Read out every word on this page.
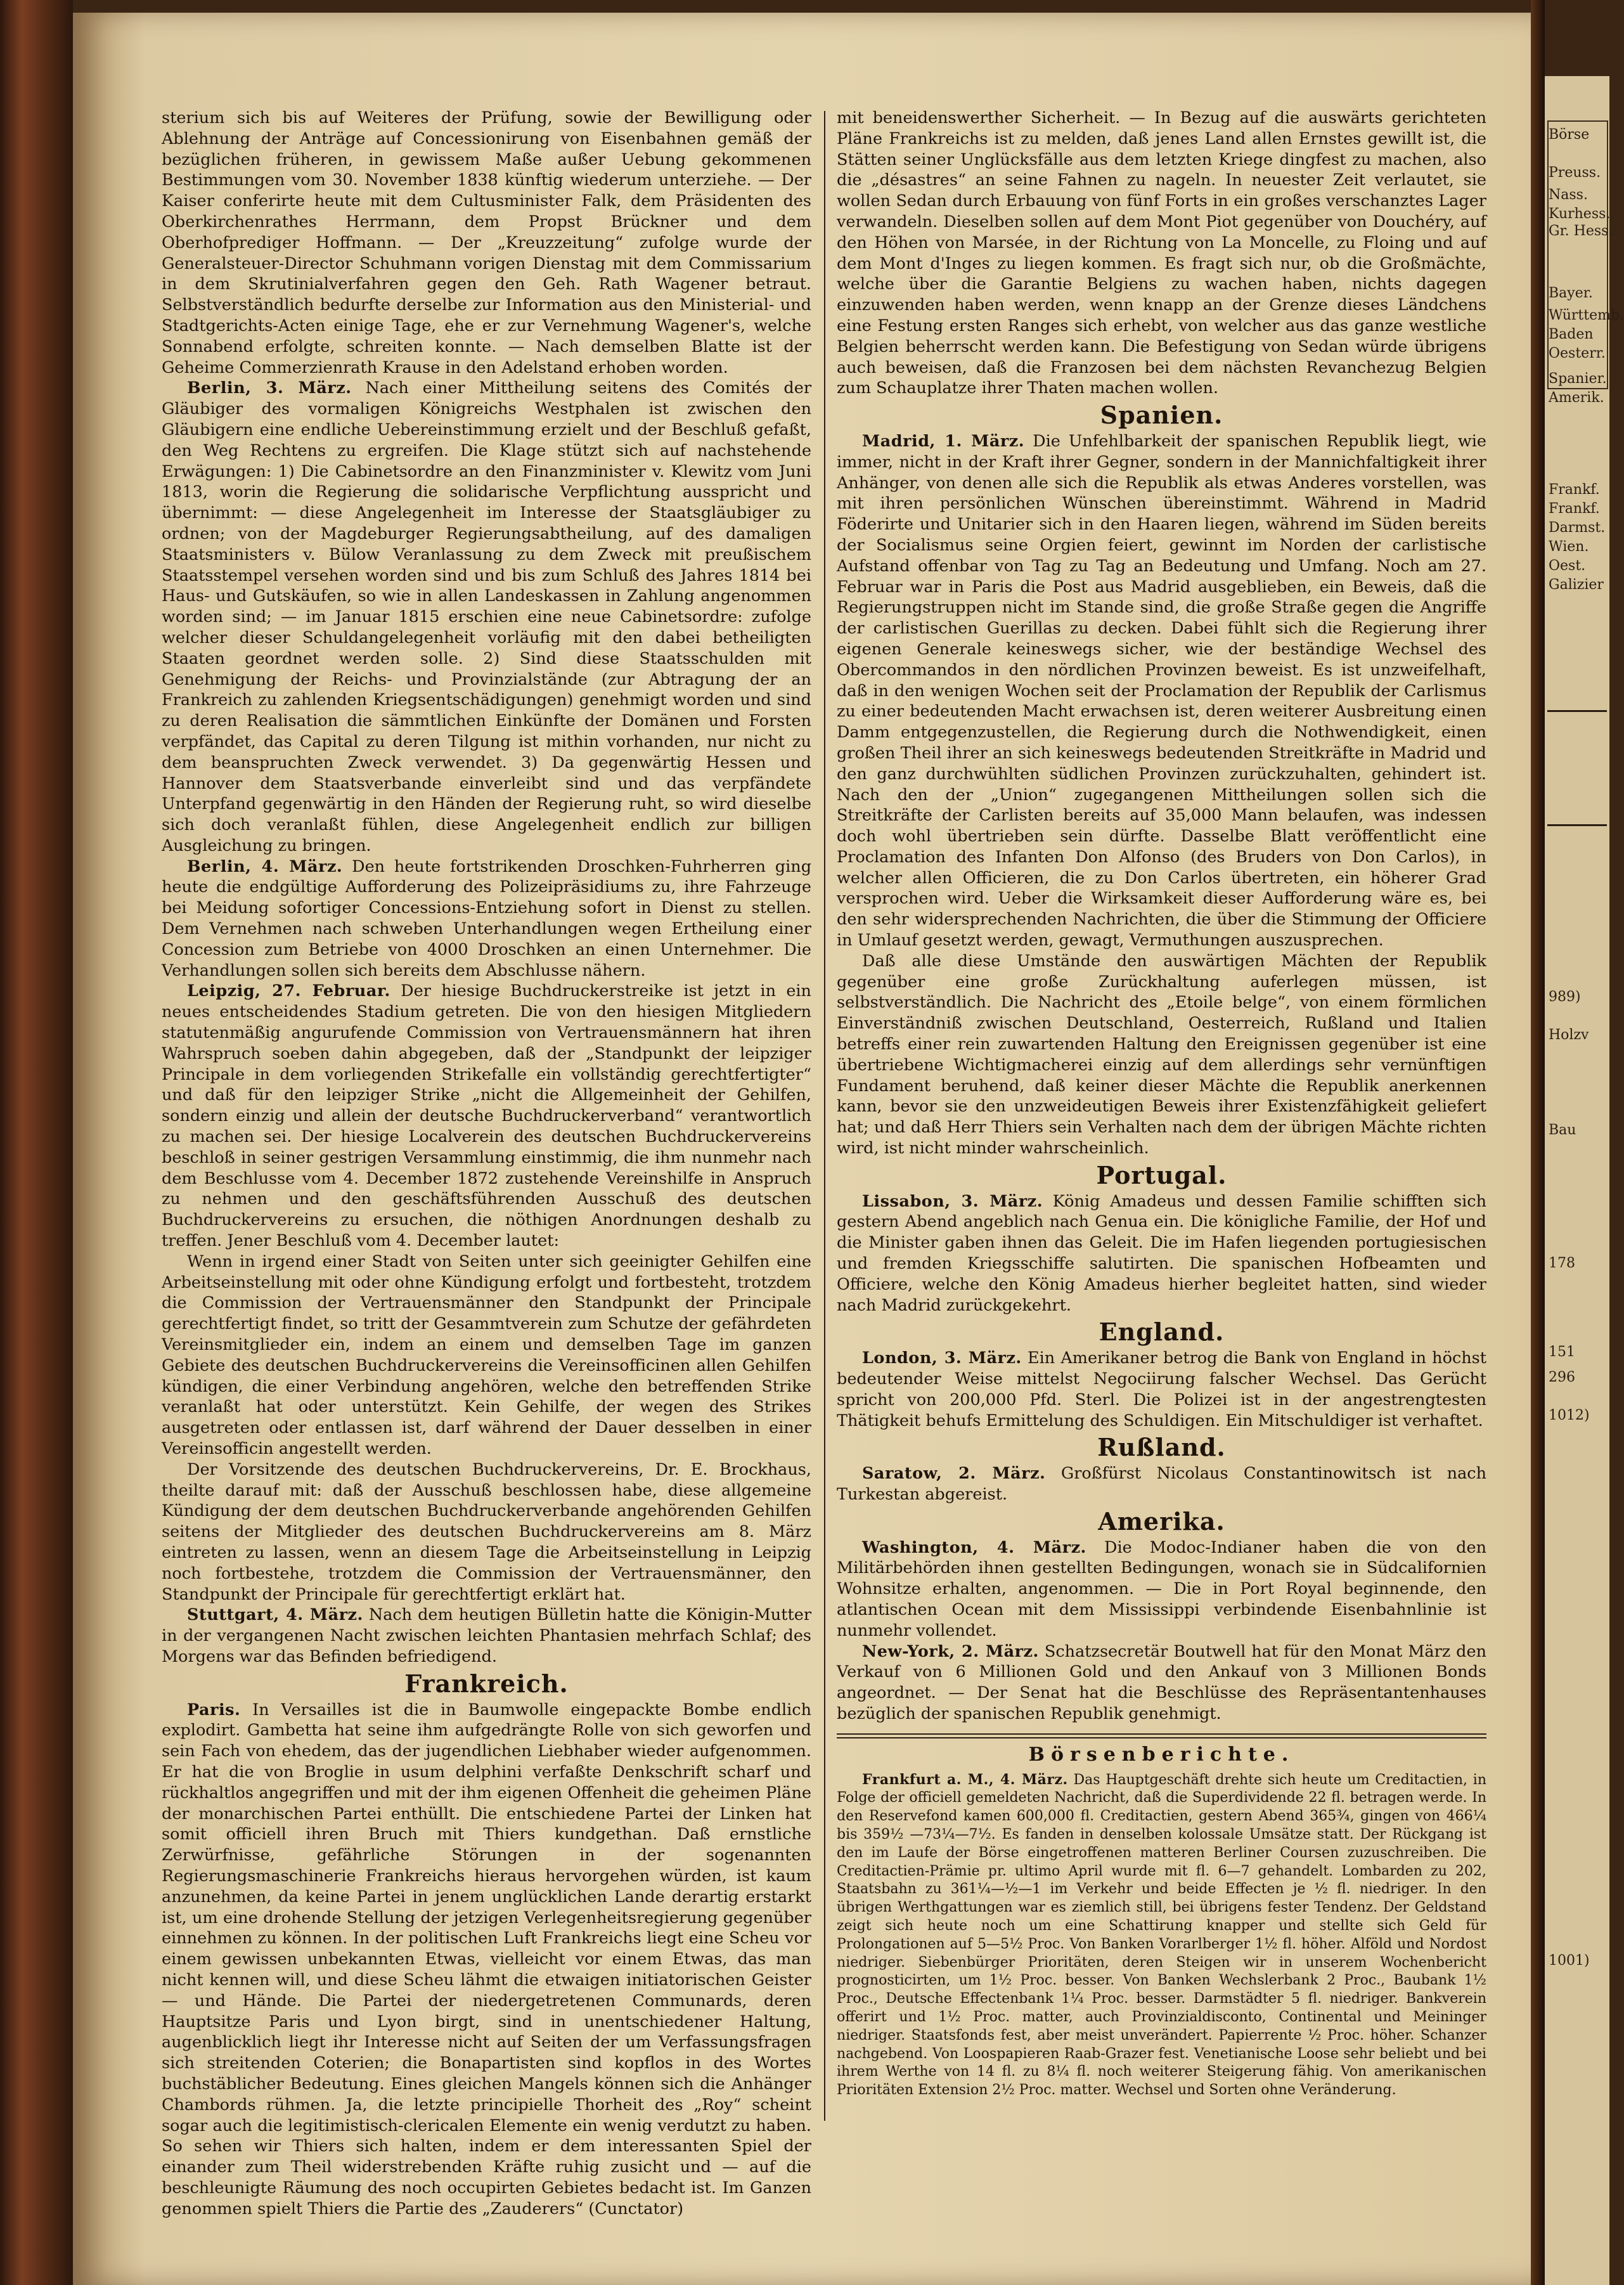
Börse
Preuss.
Nass.
Kurhess.
Gr. Hess.
Bayer.
Württemb.
Baden
Oesterr.
Spanier.
Amerik.
Frankf.
Frankf.
Darmst.
Wien.
Oest.
Galizier
989)
1012)
1001)
Holzv
Bau
178
151
296

sterium sich bis auf Weiteres der Prüfung, sowie der Bewilligung oder Ablehnung der Anträge auf Concessionirung von Eisenbahnen gemäß der bezüglichen früheren, in gewissem Maße außer Uebung gekommenen Bestimmungen vom 30. November 1838 künftig wiederum unterziehe. — Der Kaiser conferirte heute mit dem Cultusminister Falk, dem Präsidenten des Oberkirchenrathes Herrmann, dem Propst Brückner und dem Oberhofprediger Hoffmann. — Der „Kreuzzeitung“ zufolge wurde der Generalsteuer-Director Schuhmann vorigen Dienstag mit dem Commissarium in dem Skrutinialverfahren gegen den Geh. Rath Wagener betraut. Selbstverständlich bedurfte derselbe zur Information aus den Ministerial- und Stadtgerichts-Acten einige Tage, ehe er zur Vernehmung Wagener's, welche Sonnabend erfolgte, schreiten konnte. — Nach demselben Blatte ist der Geheime Commerzienrath Krause in den Adelstand erhoben worden.

Berlin, 3. März. Nach einer Mittheilung seitens des Comités der Gläubiger des vormaligen Königreichs Westphalen ist zwischen den Gläubigern eine endliche Uebereinstimmung erzielt und der Beschluß gefaßt, den Weg Rechtens zu ergreifen. Die Klage stützt sich auf nachstehende Erwägungen: 1) Die Cabinetsordre an den Finanzminister v. Klewitz vom Juni 1813, worin die Regierung die solidarische Verpflichtung ausspricht und übernimmt: — diese Angelegenheit im Interesse der Staatsgläubiger zu ordnen; von der Magdeburger Regierungsabtheilung, auf des damaligen Staatsministers v. Bülow Veranlassung zu dem Zweck mit preußischem Staatsstempel versehen worden sind und bis zum Schluß des Jahres 1814 bei Haus- und Gutskäufen, so wie in allen Landeskassen in Zahlung angenommen worden sind; — im Januar 1815 erschien eine neue Cabinetsordre: zufolge welcher dieser Schuldangelegenheit vorläufig mit den dabei betheiligten Staaten geordnet werden solle. 2) Sind diese Staatsschulden mit Genehmigung der Reichs- und Provinzialstände (zur Abtragung der an Frankreich zu zahlenden Kriegsentschädigungen) genehmigt worden und sind zu deren Realisation die sämmtlichen Einkünfte der Domänen und Forsten verpfändet, das Capital zu deren Tilgung ist mithin vorhanden, nur nicht zu dem beanspruchten Zweck verwendet. 3) Da gegenwärtig Hessen und Hannover dem Staatsverbande einverleibt sind und das verpfändete Unterpfand gegenwärtig in den Händen der Regierung ruht, so wird dieselbe sich doch veranlaßt fühlen, diese Angelegenheit endlich zur billigen Ausgleichung zu bringen.

Berlin, 4. März. Den heute fortstrikenden Droschken-Fuhrherren ging heute die endgültige Aufforderung des Polizeipräsidiums zu, ihre Fahrzeuge bei Meidung sofortiger Concessions-Entziehung sofort in Dienst zu stellen. Dem Vernehmen nach schweben Unterhandlungen wegen Ertheilung einer Concession zum Betriebe von 4000 Droschken an einen Unternehmer. Die Verhandlungen sollen sich bereits dem Abschlusse nähern.

Leipzig, 27. Februar. Der hiesige Buchdruckerstreike ist jetzt in ein neues entscheidendes Stadium getreten. Die von den hiesigen Mitgliedern statutenmäßig angurufende Commission von Vertrauensmännern hat ihren Wahrspruch soeben dahin abgegeben, daß der „Standpunkt der leipziger Principale in dem vorliegenden Strikefalle ein vollständig gerechtfertigter“ und daß für den leipziger Strike „nicht die Allgemeinheit der Gehilfen, sondern einzig und allein der deutsche Buchdruckerverband“ verantwortlich zu machen sei. Der hiesige Localverein des deutschen Buchdruckervereins beschloß in seiner gestrigen Versammlung einstimmig, die ihm nunmehr nach dem Beschlusse vom 4. December 1872 zustehende Vereinshilfe in Anspruch zu nehmen und den geschäftsführenden Ausschuß des deutschen Buchdruckervereins zu ersuchen, die nöthigen Anordnungen deshalb zu treffen. Jener Beschluß vom 4. December lautet:

Wenn in irgend einer Stadt von Seiten unter sich geeinigter Gehilfen eine Arbeitseinstellung mit oder ohne Kündigung erfolgt und fortbesteht, trotzdem die Commission der Vertrauensmänner den Standpunkt der Principale gerechtfertigt findet, so tritt der Gesammtverein zum Schutze der gefährdeten Vereinsmitglieder ein, indem an einem und demselben Tage im ganzen Gebiete des deutschen Buchdruckervereins die Vereinsofficinen allen Gehilfen kündigen, die einer Verbindung angehören, welche den betreffenden Strike veranlaßt hat oder unterstützt. Kein Gehilfe, der wegen des Strikes ausgetreten oder entlassen ist, darf während der Dauer desselben in einer Vereinsofficin angestellt werden.

Der Vorsitzende des deutschen Buchdruckervereins, Dr. E. Brockhaus, theilte darauf mit: daß der Ausschuß beschlossen habe, diese allgemeine Kündigung der dem deutschen Buchdruckerverbande angehörenden Gehilfen seitens der Mitglieder des deutschen Buchdruckervereins am 8. März eintreten zu lassen, wenn an diesem Tage die Arbeitseinstellung in Leipzig noch fortbestehe, trotzdem die Commission der Vertrauensmänner, den Standpunkt der Principale für gerechtfertigt erklärt hat.

Stuttgart, 4. März. Nach dem heutigen Bülletin hatte die Königin-Mutter in der vergangenen Nacht zwischen leichten Phantasien mehrfach Schlaf; des Morgens war das Befinden befriedigend.

Frankreich.

Paris. In Versailles ist die in Baumwolle eingepackte Bombe endlich explodirt. Gambetta hat seine ihm aufgedrängte Rolle von sich geworfen und sein Fach von ehedem, das der jugendlichen Liebhaber wieder aufgenommen. Er hat die von Broglie in usum delphini verfaßte Denkschrift scharf und rückhaltlos angegriffen und mit der ihm eigenen Offenheit die geheimen Pläne der monarchischen Partei enthüllt. Die entschiedene Partei der Linken hat somit officiell ihren Bruch mit Thiers kundgethan. Daß ernstliche Zerwürfnisse, gefährliche Störungen in der sogenannten Regierungsmaschinerie Frankreichs hieraus hervorgehen würden, ist kaum anzunehmen, da keine Partei in jenem unglücklichen Lande derartig erstarkt ist, um eine drohende Stellung der jetzigen Verlegenheitsregierung gegenüber einnehmen zu können. In der politischen Luft Frankreichs liegt eine Scheu vor einem gewissen unbekannten Etwas, vielleicht vor einem Etwas, das man nicht kennen will, und diese Scheu lähmt die etwaigen initiatorischen Geister — und Hände. Die Partei der niedergetretenen Communards, deren Hauptsitze Paris und Lyon birgt, sind in unentschiedener Haltung, augenblicklich liegt ihr Interesse nicht auf Seiten der um Verfassungsfragen sich streitenden Coterien; die Bonapartisten sind kopflos in des Wortes buchstäblicher Bedeutung. Eines gleichen Mangels können sich die Anhänger Chambords rühmen. Ja, die letzte principielle Thorheit des „Roy“ scheint sogar auch die legitimistisch-clericalen Elemente ein wenig verdutzt zu haben. So sehen wir Thiers sich halten, indem er dem interessanten Spiel der einander zum Theil widerstrebenden Kräfte ruhig zusicht und — auf die beschleunigte Räumung des noch occupirten Gebietes bedacht ist. Im Ganzen genommen spielt Thiers die Partie des „Zauderers“ (Cunctator)

mit beneidenswerther Sicherheit. — In Bezug auf die auswärts gerichteten Pläne Frankreichs ist zu melden, daß jenes Land allen Ernstes gewillt ist, die Stätten seiner Unglücksfälle aus dem letzten Kriege dingfest zu machen, also die „désastres“ an seine Fahnen zu nageln. In neuester Zeit verlautet, sie wollen Sedan durch Erbauung von fünf Forts in ein großes verschanztes Lager verwandeln. Dieselben sollen auf dem Mont Piot gegenüber von Douchéry, auf den Höhen von Marsée, in der Richtung von La Moncelle, zu Floing und auf dem Mont d'Inges zu liegen kommen. Es fragt sich nur, ob die Großmächte, welche über die Garantie Belgiens zu wachen haben, nichts dagegen einzuwenden haben werden, wenn knapp an der Grenze dieses Ländchens eine Festung ersten Ranges sich erhebt, von welcher aus das ganze westliche Belgien beherrscht werden kann. Die Befestigung von Sedan würde übrigens auch beweisen, daß die Franzosen bei dem nächsten Revanchezug Belgien zum Schauplatze ihrer Thaten machen wollen.

Spanien.

Madrid, 1. März. Die Unfehlbarkeit der spanischen Republik liegt, wie immer, nicht in der Kraft ihrer Gegner, sondern in der Mannichfaltigkeit ihrer Anhänger, von denen alle sich die Republik als etwas Anderes vorstellen, was mit ihren persönlichen Wünschen übereinstimmt. Während in Madrid Föderirte und Unitarier sich in den Haaren liegen, während im Süden bereits der Socialismus seine Orgien feiert, gewinnt im Norden der carlistische Aufstand offenbar von Tag zu Tag an Bedeutung und Umfang. Noch am 27. Februar war in Paris die Post aus Madrid ausgeblieben, ein Beweis, daß die Regierungstruppen nicht im Stande sind, die große Straße gegen die Angriffe der carlistischen Guerillas zu decken. Dabei fühlt sich die Regierung ihrer eigenen Generale keineswegs sicher, wie der beständige Wechsel des Obercommandos in den nördlichen Provinzen beweist. Es ist unzweifelhaft, daß in den wenigen Wochen seit der Proclamation der Republik der Carlismus zu einer bedeutenden Macht erwachsen ist, deren weiterer Ausbreitung einen Damm entgegenzustellen, die Regierung durch die Nothwendigkeit, einen großen Theil ihrer an sich keineswegs bedeutenden Streitkräfte in Madrid und den ganz durchwühlten südlichen Provinzen zurückzuhalten, gehindert ist. Nach den der „Union“ zugegangenen Mittheilungen sollen sich die Streitkräfte der Carlisten bereits auf 35,000 Mann belaufen, was indessen doch wohl übertrieben sein dürfte. Dasselbe Blatt veröffentlicht eine Proclamation des Infanten Don Alfonso (des Bruders von Don Carlos), in welcher allen Officieren, die zu Don Carlos übertreten, ein höherer Grad versprochen wird. Ueber die Wirksamkeit dieser Aufforderung wäre es, bei den sehr widersprechenden Nachrichten, die über die Stimmung der Officiere in Umlauf gesetzt werden, gewagt, Vermuthungen auszusprechen.

Daß alle diese Umstände den auswärtigen Mächten der Republik gegenüber eine große Zurückhaltung auferlegen müssen, ist selbstverständlich. Die Nachricht des „Etoile belge“, von einem förmlichen Einverständniß zwischen Deutschland, Oesterreich, Rußland und Italien betreffs einer rein zuwartenden Haltung den Ereignissen gegenüber ist eine übertriebene Wichtigmacherei einzig auf dem allerdings sehr vernünftigen Fundament beruhend, daß keiner dieser Mächte die Republik anerkennen kann, bevor sie den unzweideutigen Beweis ihrer Existenzfähigkeit geliefert hat; und daß Herr Thiers sein Verhalten nach dem der übrigen Mächte richten wird, ist nicht minder wahrscheinlich.

Portugal.

Lissabon, 3. März. König Amadeus und dessen Familie schifften sich gestern Abend angeblich nach Genua ein. Die königliche Familie, der Hof und die Minister gaben ihnen das Geleit. Die im Hafen liegenden portugiesischen und fremden Kriegsschiffe salutirten. Die spanischen Hofbeamten und Officiere, welche den König Amadeus hierher begleitet hatten, sind wieder nach Madrid zurückgekehrt.

England.

London, 3. März. Ein Amerikaner betrog die Bank von England in höchst bedeutender Weise mittelst Negociirung falscher Wechsel. Das Gerücht spricht von 200,000 Pfd. Sterl. Die Polizei ist in der angestrengtesten Thätigkeit behufs Ermittelung des Schuldigen. Ein Mitschuldiger ist verhaftet.

Rußland.

Saratow, 2. März. Großfürst Nicolaus Constantinowitsch ist nach Turkestan abgereist.

Amerika.

Washington, 4. März. Die Modoc-Indianer haben die von den Militärbehörden ihnen gestellten Bedingungen, wonach sie in Südcalifornien Wohnsitze erhalten, angenommen. — Die in Port Royal beginnende, den atlantischen Ocean mit dem Mississippi verbindende Eisenbahnlinie ist nunmehr vollendet.

New-York, 2. März. Schatzsecretär Boutwell hat für den Monat März den Verkauf von 6 Millionen Gold und den Ankauf von 3 Millionen Bonds angeordnet. — Der Senat hat die Beschlüsse des Repräsentantenhauses bezüglich der spanischen Republik genehmigt.

Börsenberichte.

Frankfurt a. M., 4. März. Das Hauptgeschäft drehte sich heute um Creditactien, in Folge der officiell gemeldeten Nachricht, daß die Superdividende 22 fl. betragen werde. In den Reservefond kamen 600,000 fl. Creditactien, gestern Abend 365¾, gingen von 466¼ bis 359½ —73¼—7½. Es fanden in denselben kolossale Umsätze statt. Der Rückgang ist den im Laufe der Börse eingetroffenen matteren Berliner Coursen zuzuschreiben. Die Creditactien-Prämie pr. ultimo April wurde mit fl. 6—7 gehandelt. Lombarden zu 202, Staatsbahn zu 361¼—½—1 im Verkehr und beide Effecten je ½ fl. niedriger. In den übrigen Werthgattungen war es ziemlich still, bei übrigens fester Tendenz. Der Geldstand zeigt sich heute noch um eine Schattirung knapper und stellte sich Geld für Prolongationen auf 5—5½ Proc. Von Banken Vorarlberger 1½ fl. höher. Alföld und Nordost niedriger. Siebenbürger Prioritäten, deren Steigen wir in unserem Wochenbericht prognosticirten, um 1½ Proc. besser. Von Banken Wechslerbank 2 Proc., Baubank 1½ Proc., Deutsche Effectenbank 1¼ Proc. besser. Darmstädter 5 fl. niedriger. Bankverein offerirt und 1½ Proc. matter, auch Provinzialdisconto, Continental und Meininger niedriger. Staatsfonds fest, aber meist unverändert. Papierrente ½ Proc. höher. Schanzer nachgebend. Von Loospapieren Raab-Grazer fest. Venetianische Loose sehr beliebt und bei ihrem Werthe von 14 fl. zu 8¼ fl. noch weiterer Steigerung fähig. Von amerikanischen Prioritäten Extension 2½ Proc. matter. Wechsel und Sorten ohne Veränderung.
